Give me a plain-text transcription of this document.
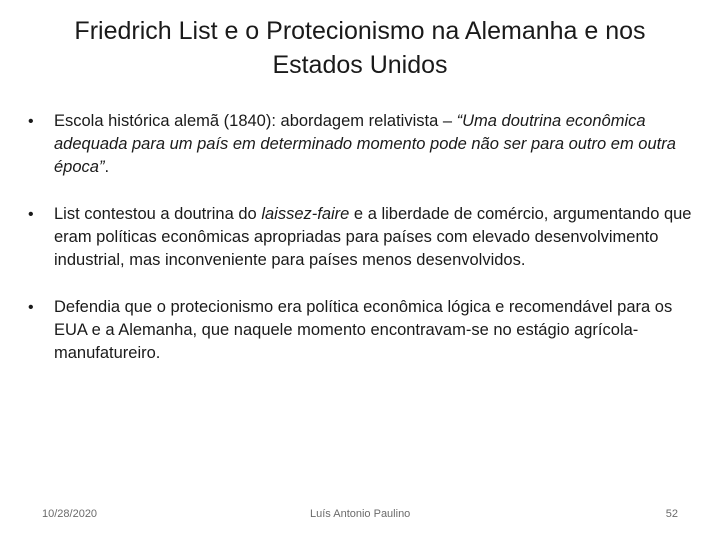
Friedrich List e o Protecionismo na Alemanha e nos
Estados Unidos
• Escola histórica alemã (1840): abordagem relativista – “Uma doutrina econômica adequada para um país em determinado momento pode não ser para outro em outra época”.
• List contestou a doutrina do laissez-faire e a liberdade de comércio, argumentando que eram políticas econômicas apropriadas para países com elevado desenvolvimento industrial, mas inconveniente para países menos desenvolvidos.
• Defendia que o protecionismo era política econômica lógica e recomendável para os EUA e a Alemanha, que naquele momento encontravam-se no estágio agrícola-manufatureiro.
10/28/2020	Luís Antonio Paulino	52
